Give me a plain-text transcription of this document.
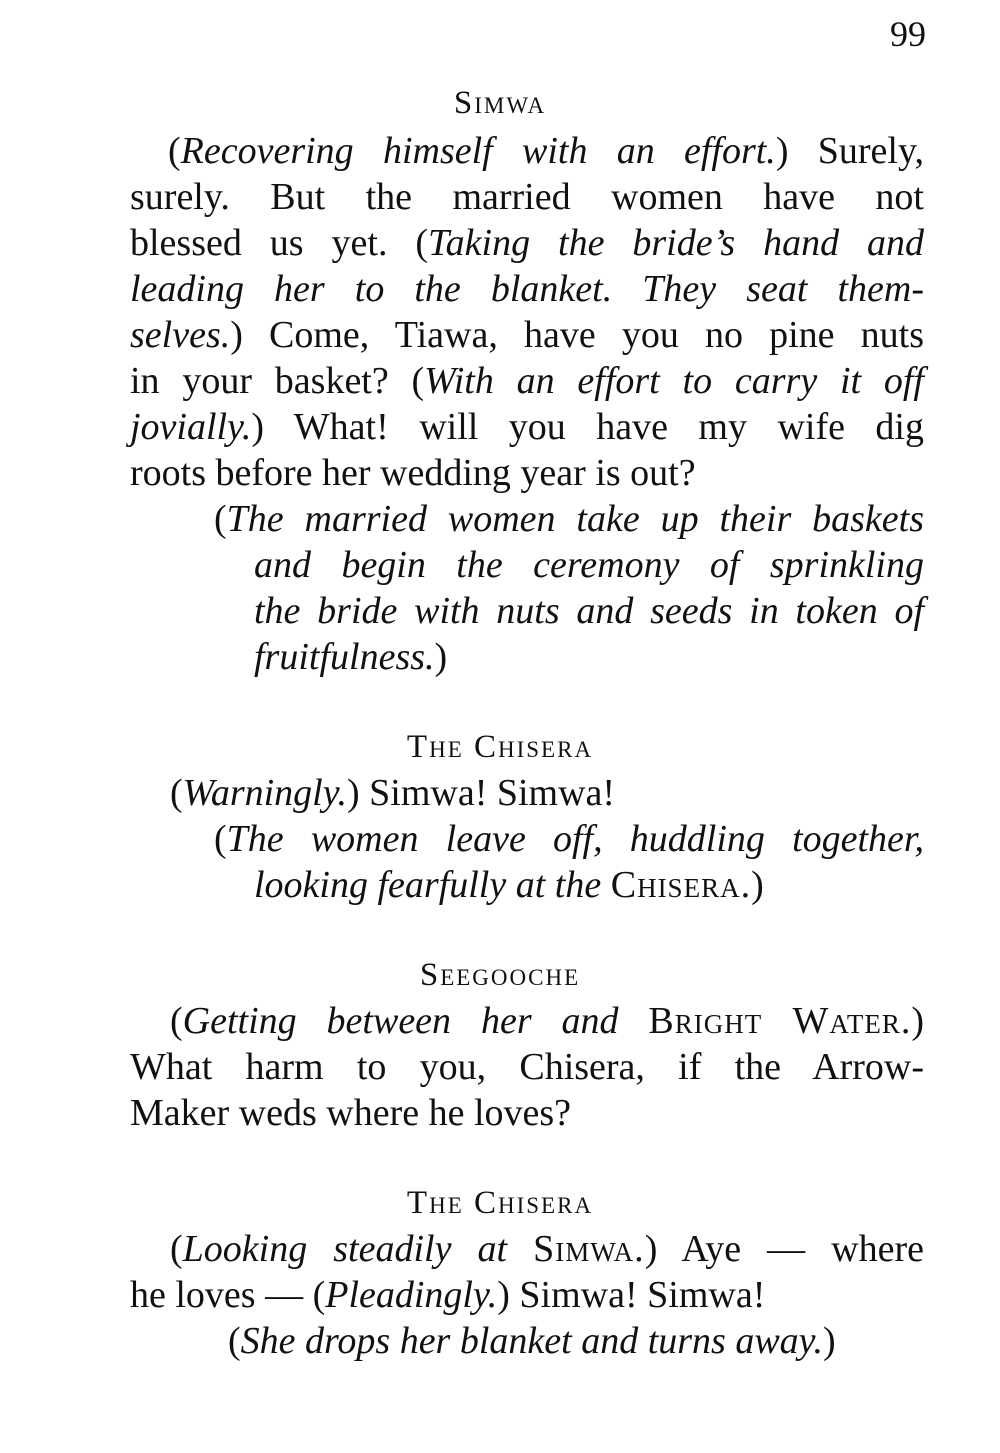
99
Simwa
(Recovering himself with an effort.) Surely,
surely. But the married women have not
blessed us yet. (Taking the bride’s hand and
leading her to the blanket. They seat them-
selves.) Come, Tiawa, have you no pine nuts
in your basket? (With an effort to carry it off
jovially.) What! will you have my wife dig
roots before her wedding year is out?
(The married women take up their baskets
and begin the ceremony of sprinkling
the bride with nuts and seeds in token of
fruitfulness.)
The Chisera
(Warningly.) Simwa! Simwa!
(The women leave off, huddling together,
looking fearfully at the Chisera.)
Seegooche
(Getting between her and Bright Water.)
What harm to you, Chisera, if the Arrow-
Maker weds where he loves?
The Chisera
(Looking steadily at Simwa.) Aye — where
he loves — (Pleadingly.) Simwa! Simwa!
(She drops her blanket and turns away.)
